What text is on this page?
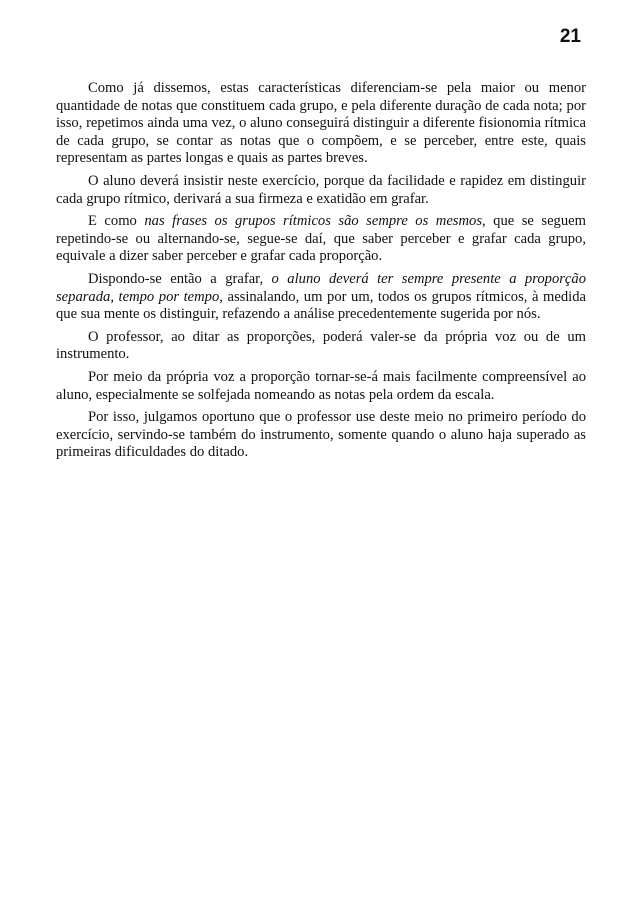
21

Como já dissemos, estas características diferenciam-se pela maior ou menor quantidade de notas que constituem cada grupo, e pela diferente duração de cada nota; por isso, repetimos ainda uma vez, o aluno conseguirá distinguir a diferente fisionomia rítmica de cada grupo, se contar as notas que o compõem, e se perceber, entre este, quais representam as partes longas e quais as partes breves.

O aluno deverá insistir neste exercício, porque da facilidade e rapidez em distinguir cada grupo rítmico, derivará a sua firmeza e exatidão em grafar.

E como nas frases os grupos rítmicos são sempre os mesmos, que se seguem repetindo-se ou alternando-se, segue-se daí, que saber perceber e grafar cada grupo, equivale a dizer saber perceber e grafar cada proporção.

Dispondo-se então a grafar, o aluno deverá ter sempre presente a proporção separada, tempo por tempo, assinalando, um por um, todos os grupos rítmicos, à medida que sua mente os distinguir, refazendo a análise precedentemente sugerida por nós.

O professor, ao ditar as proporções, poderá valer-se da própria voz ou de um instrumento.

Por meio da própria voz a proporção tornar-se-á mais facilmente compreensível ao aluno, especialmente se solfejada nomeando as notas pela ordem da escala.

Por isso, julgamos oportuno que o professor use deste meio no primeiro período do exercício, servindo-se também do instrumento, somente quando o aluno haja superado as primeiras dificuldades do ditado.
